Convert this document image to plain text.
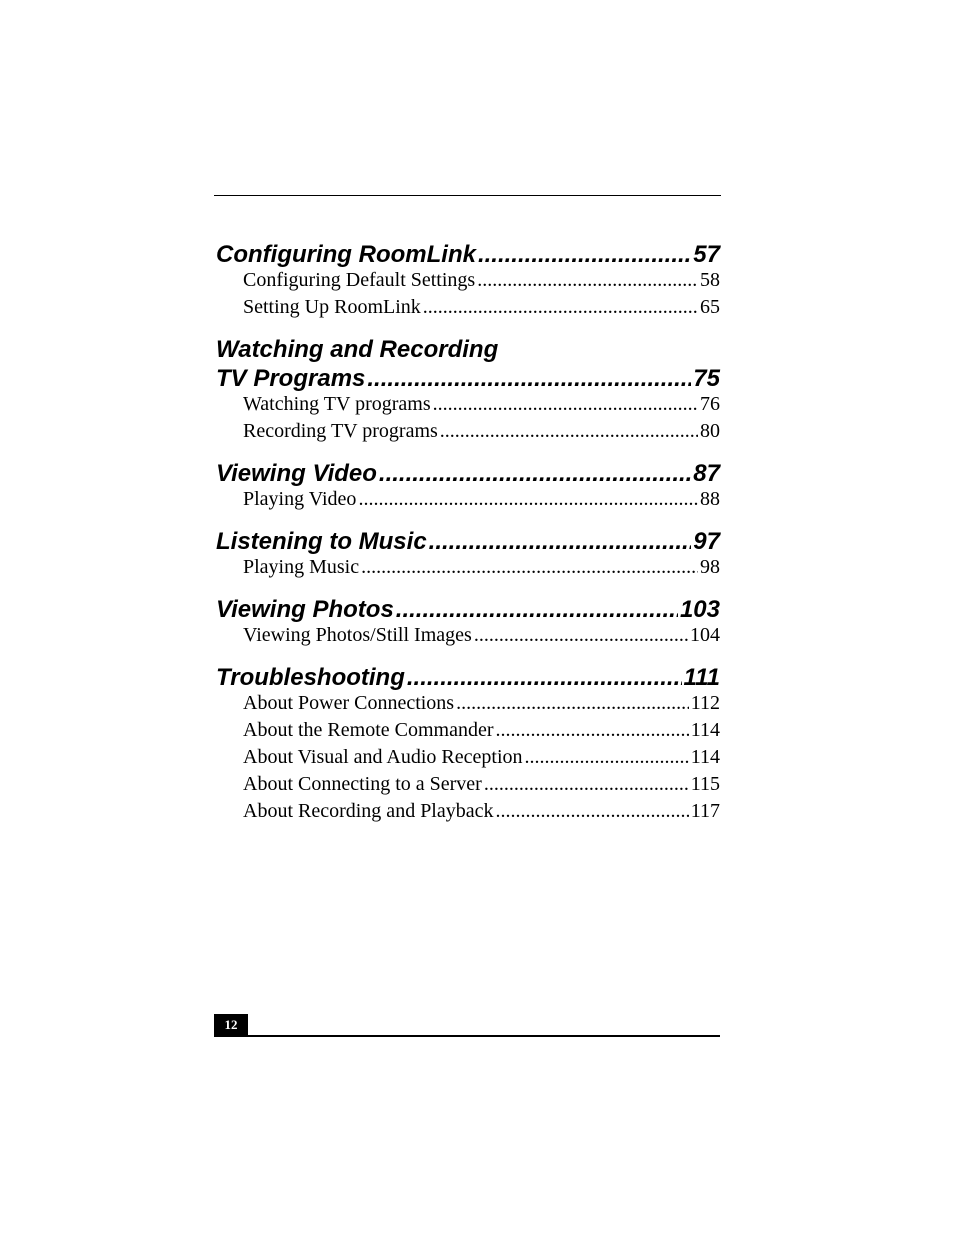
Configuring RoomLink .....	57
Configuring Default Settings .....	58
Setting Up RoomLink .....	65
Watching and Recording
TV Programs .....	75
Watching TV programs .....	76
Recording TV programs .....	80
Viewing Video .....	87
Playing Video .....	88
Listening to Music .....	97
Playing Music .....	98
Viewing Photos .....	103
Viewing Photos/Still Images .....	104
Troubleshooting .....	111
About Power Connections .....	112
About the Remote Commander .....	114
About Visual and Audio Reception .....	114
About Connecting to a Server .....	115
About Recording and Playback .....	117
12
